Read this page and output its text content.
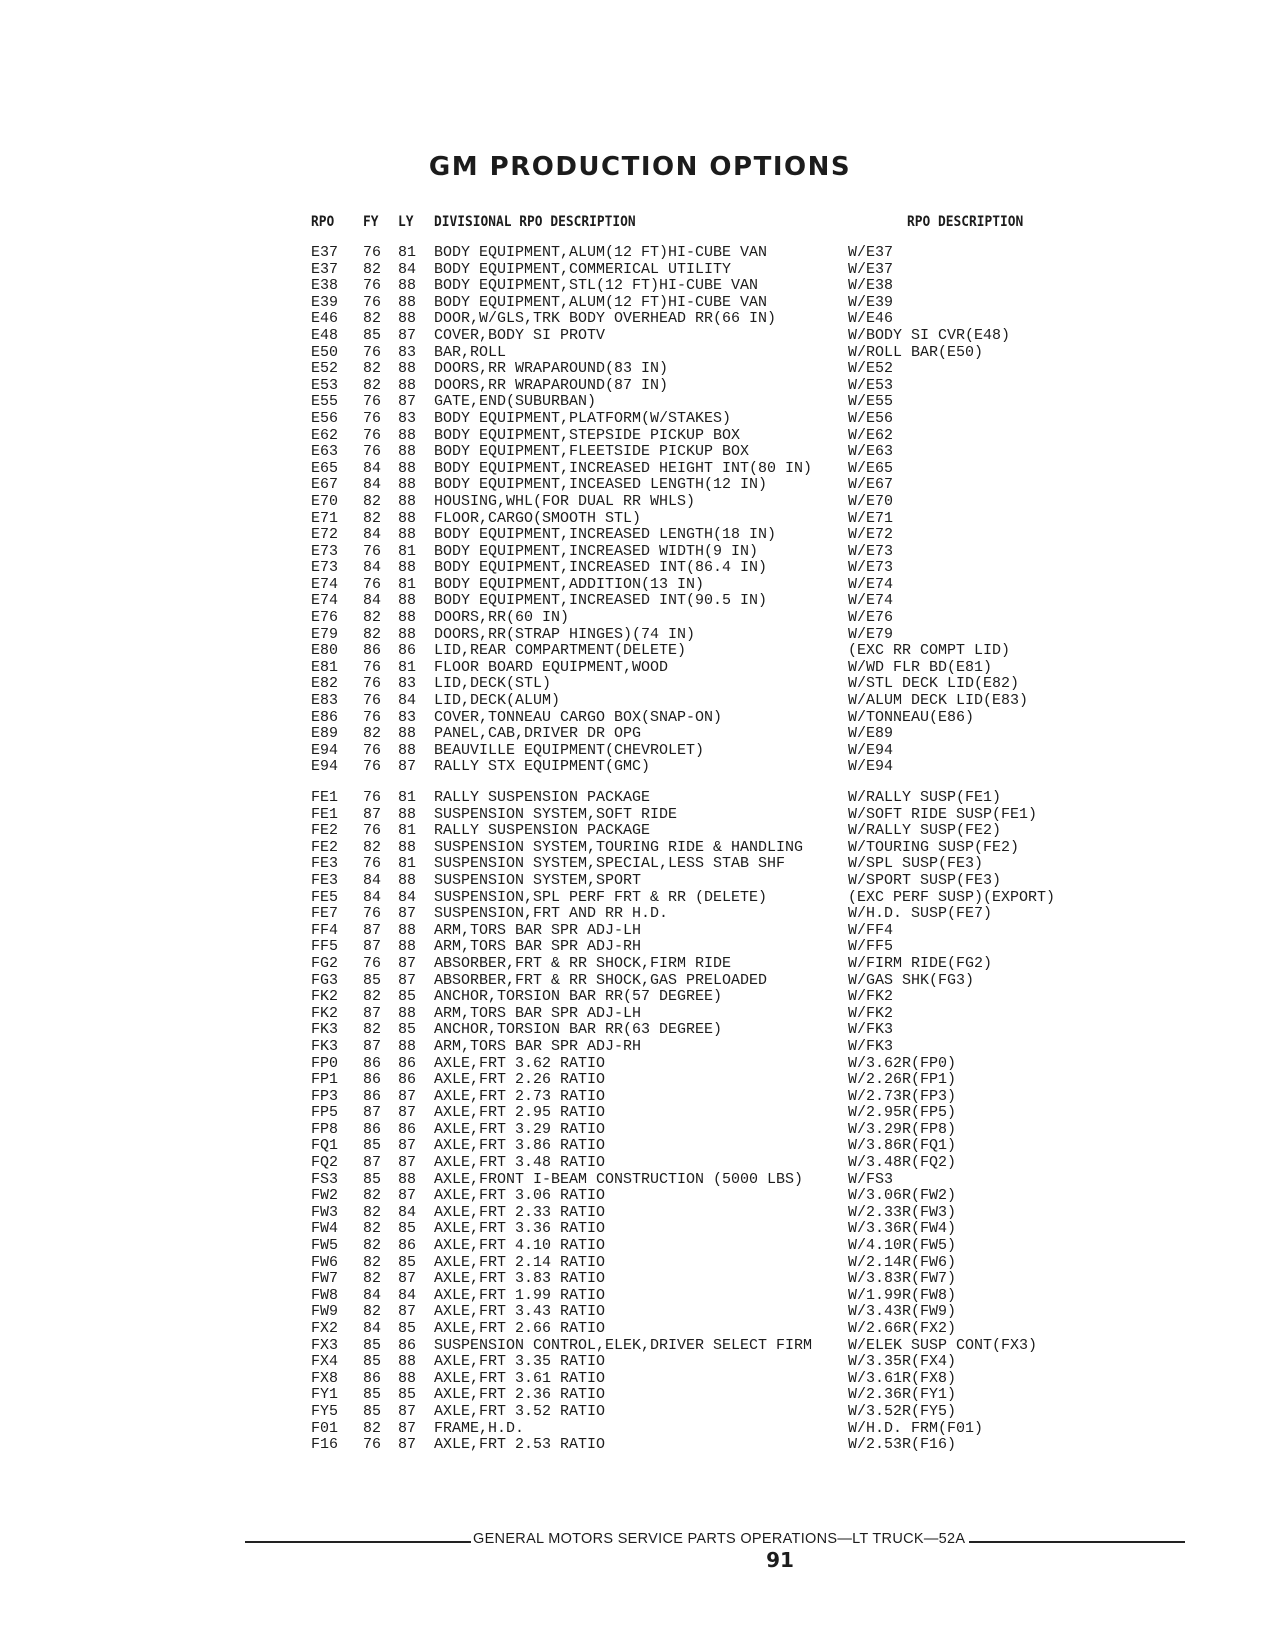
GM PRODUCTION OPTIONS
RPO FY LY DIVISIONAL RPO DESCRIPTION	RPO DESCRIPTION
E37 76 81 BODY EQUIPMENT,ALUM(12 FT)HI-CUBE VAN	W/E37
E37 82 84 BODY EQUIPMENT,COMMERICAL UTILITY	W/E37
E38 76 88 BODY EQUIPMENT,STL(12 FT)HI-CUBE VAN	W/E38
E39 76 88 BODY EQUIPMENT,ALUM(12 FT)HI-CUBE VAN	W/E39
E46 82 88 DOOR,W/GLS,TRK BODY OVERHEAD RR(66 IN)	W/E46
E48 85 87 COVER,BODY SI PROTV	W/BODY SI CVR(E48)
E50 76 83 BAR,ROLL	W/ROLL BAR(E50)
E52 82 88 DOORS,RR WRAPAROUND(83 IN)	W/E52
E53 82 88 DOORS,RR WRAPAROUND(87 IN)	W/E53
E55 76 87 GATE,END(SUBURBAN)	W/E55
E56 76 83 BODY EQUIPMENT,PLATFORM(W/STAKES)	W/E56
E62 76 88 BODY EQUIPMENT,STEPSIDE PICKUP BOX	W/E62
E63 76 88 BODY EQUIPMENT,FLEETSIDE PICKUP BOX	W/E63
E65 84 88 BODY EQUIPMENT,INCREASED HEIGHT INT(80 IN) W/E65
E67 84 88 BODY EQUIPMENT,INCEASED LENGTH(12 IN)	W/E67
E70 82 88 HOUSING,WHL(FOR DUAL RR WHLS)	W/E70
E71 82 88 FLOOR,CARGO(SMOOTH STL)	W/E71
E72 84 88 BODY EQUIPMENT,INCREASED LENGTH(18 IN)	W/E72
E73 76 81 BODY EQUIPMENT,INCREASED WIDTH(9 IN)	W/E73
E73 84 88 BODY EQUIPMENT,INCREASED INT(86.4 IN)	W/E73
E74 76 81 BODY EQUIPMENT,ADDITION(13 IN)	W/E74
E74 84 88 BODY EQUIPMENT,INCREASED INT(90.5 IN)	W/E74
E76 82 88 DOORS,RR(60 IN)	W/E76
E79 82 88 DOORS,RR(STRAP HINGES)(74 IN)	W/E79
E80 86 86 LID,REAR COMPARTMENT(DELETE)	(EXC RR COMPT LID)
E81 76 81 FLOOR BOARD EQUIPMENT,WOOD	W/WD FLR BD(E81)
E82 76 83 LID,DECK(STL)	W/STL DECK LID(E82)
E83 76 84 LID,DECK(ALUM)	W/ALUM DECK LID(E83)
E86 76 83 COVER,TONNEAU CARGO BOX(SNAP-ON)	W/TONNEAU(E86)
E89 82 88 PANEL,CAB,DRIVER DR OPG	W/E89
E94 76 88 BEAUVILLE EQUIPMENT(CHEVROLET)	W/E94
E94 76 87 RALLY STX EQUIPMENT(GMC)	W/E94
FE1 76 81 RALLY SUSPENSION PACKAGE	W/RALLY SUSP(FE1)
FE1 87 88 SUSPENSION SYSTEM,SOFT RIDE	W/SOFT RIDE SUSP(FE1)
FE2 76 81 RALLY SUSPENSION PACKAGE	W/RALLY SUSP(FE2)
FE2 82 88 SUSPENSION SYSTEM,TOURING RIDE & HANDLING	W/TOURING SUSP(FE2)
FE3 76 81 SUSPENSION SYSTEM,SPECIAL,LESS STAB SHF	W/SPL SUSP(FE3)
FE3 84 88 SUSPENSION SYSTEM,SPORT	W/SPORT SUSP(FE3)
FE5 84 84 SUSPENSION,SPL PERF FRT & RR (DELETE)	(EXC PERF SUSP)(EXPORT)
FE7 76 87 SUSPENSION,FRT AND RR H.D.	W/H.D. SUSP(FE7)
FF4 87 88 ARM,TORS BAR SPR ADJ-LH	W/FF4
FF5 87 88 ARM,TORS BAR SPR ADJ-RH	W/FF5
FG2 76 87 ABSORBER,FRT & RR SHOCK,FIRM RIDE	W/FIRM RIDE(FG2)
FG3 85 87 ABSORBER,FRT & RR SHOCK,GAS PRELOADED	W/GAS SHK(FG3)
FK2 82 85 ANCHOR,TORSION BAR RR(57 DEGREE)	W/FK2
FK2 87 88 ARM,TORS BAR SPR ADJ-LH	W/FK2
FK3 82 85 ANCHOR,TORSION BAR RR(63 DEGREE)	W/FK3
FK3 87 88 ARM,TORS BAR SPR ADJ-RH	W/FK3
FP0 86 86 AXLE,FRT 3.62 RATIO	W/3.62R(FP0)
FP1 86 86 AXLE,FRT 2.26 RATIO	W/2.26R(FP1)
FP3 86 87 AXLE,FRT 2.73 RATIO	W/2.73R(FP3)
FP5 87 87 AXLE,FRT 2.95 RATIO	W/2.95R(FP5)
FP8 86 86 AXLE,FRT 3.29 RATIO	W/3.29R(FP8)
FQ1 85 87 AXLE,FRT 3.86 RATIO	W/3.86R(FQ1)
FQ2 87 87 AXLE,FRT 3.48 RATIO	W/3.48R(FQ2)
FS3 85 88 AXLE,FRONT I-BEAM CONSTRUCTION (5000 LBS)	W/FS3
FW2 82 87 AXLE,FRT 3.06 RATIO	W/3.06R(FW2)
FW3 82 84 AXLE,FRT 2.33 RATIO	W/2.33R(FW3)
FW4 82 85 AXLE,FRT 3.36 RATIO	W/3.36R(FW4)
FW5 82 86 AXLE,FRT 4.10 RATIO	W/4.10R(FW5)
FW6 82 85 AXLE,FRT 2.14 RATIO	W/2.14R(FW6)
FW7 82 87 AXLE,FRT 3.83 RATIO	W/3.83R(FW7)
FW8 84 84 AXLE,FRT 1.99 RATIO	W/1.99R(FW8)
FW9 82 87 AXLE,FRT 3.43 RATIO	W/3.43R(FW9)
FX2 84 85 AXLE,FRT 2.66 RATIO	W/2.66R(FX2)
FX3 85 86 SUSPENSION CONTROL,ELEK,DRIVER SELECT FIRM W/ELEK SUSP CONT(FX3)
FX4 85 88 AXLE,FRT 3.35 RATIO	W/3.35R(FX4)
FX8 86 88 AXLE,FRT 3.61 RATIO	W/3.61R(FX8)
FY1 85 85 AXLE,FRT 2.36 RATIO	W/2.36R(FY1)
FY5 85 87 AXLE,FRT 3.52 RATIO	W/3.52R(FY5)
F01 82 87 FRAME,H.D.	W/H.D. FRM(F01)
F16 76 87 AXLE,FRT 2.53 RATIO	W/2.53R(F16)
GENERAL MOTORS SERVICE PARTS OPERATIONS—LT TRUCK—52A
91
